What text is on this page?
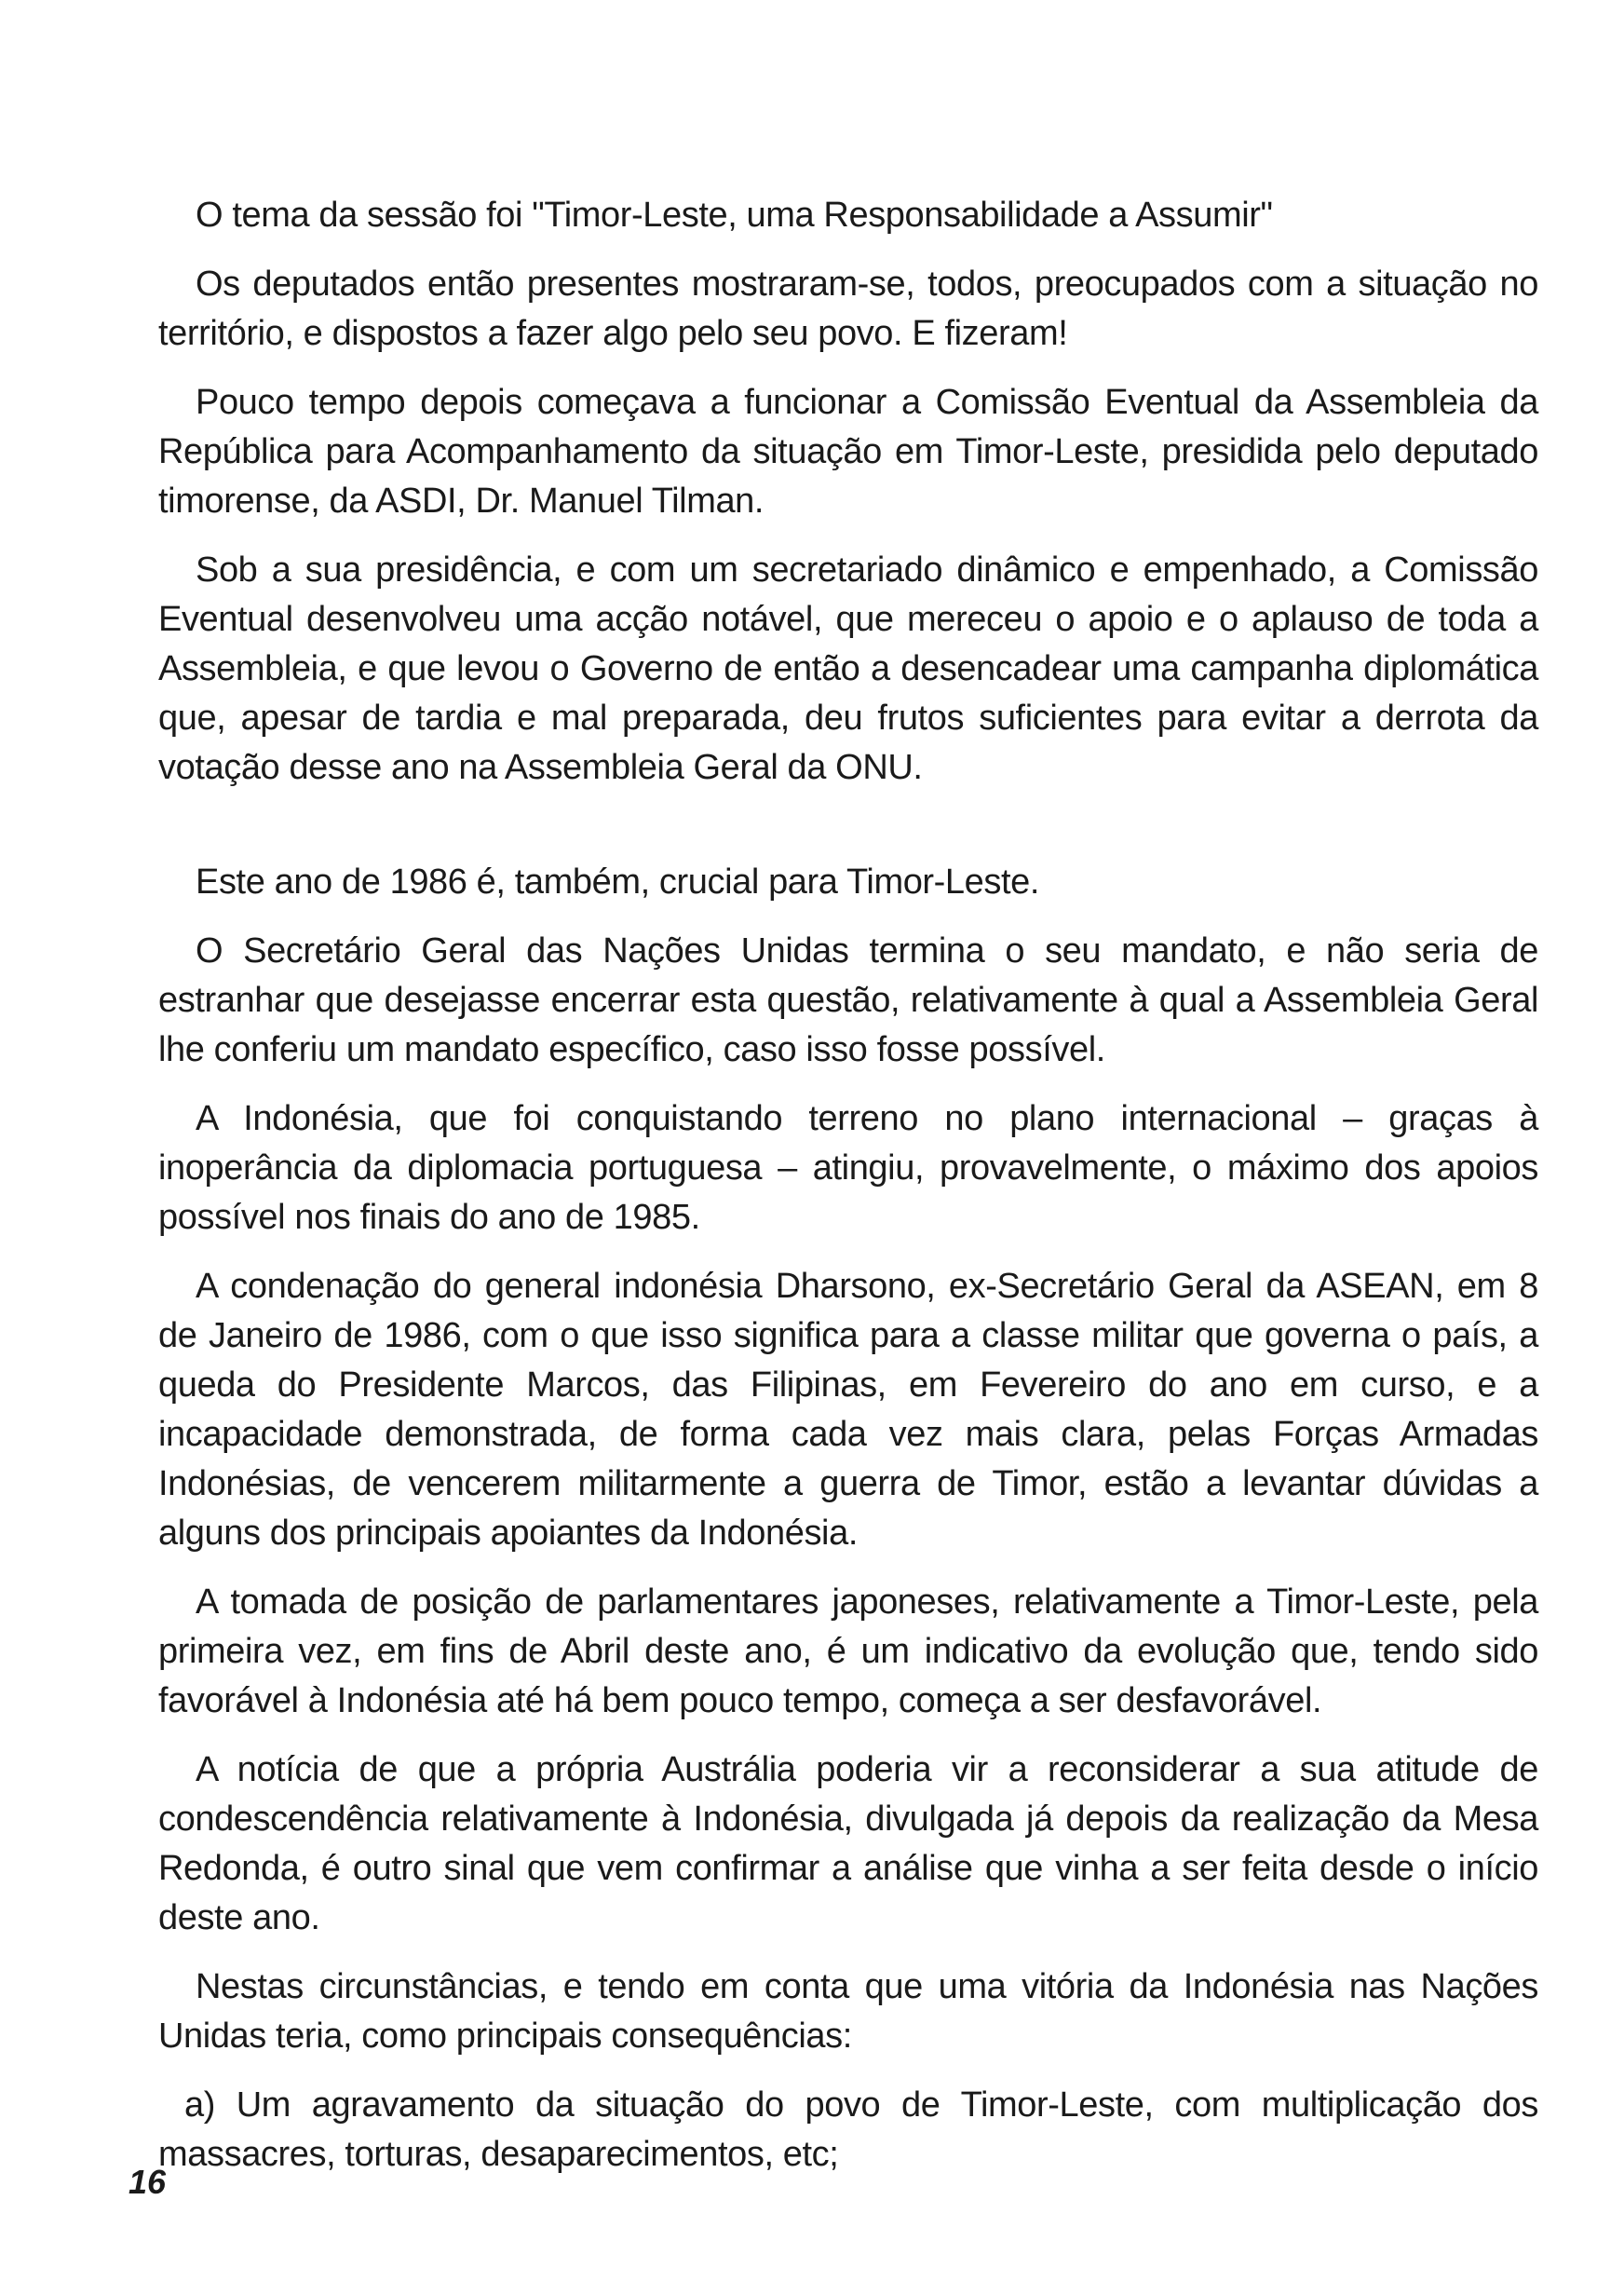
O tema da sessão foi "Timor-Leste, uma Responsabilidade a Assumir"

Os deputados então presentes mostraram-se, todos, preocupados com a situação no território, e dispostos a fazer algo pelo seu povo. E fizeram!

Pouco tempo depois começava a funcionar a Comissão Eventual da Assembleia da República para Acompanhamento da situação em Timor-Leste, presidida pelo deputado timorense, da ASDI, Dr. Manuel Tilman.

Sob a sua presidência, e com um secretariado dinâmico e empenhado, a Comissão Eventual desenvolveu uma acção notável, que mereceu o apoio e o aplauso de toda a Assembleia, e que levou o Governo de então a desencadear uma campanha diplomática que, apesar de tardia e mal preparada, deu frutos suficientes para evitar a derrota da votação desse ano na Assembleia Geral da ONU.

Este ano de 1986 é, também, crucial para Timor-Leste.

O Secretário Geral das Nações Unidas termina o seu mandato, e não seria de estranhar que desejasse encerrar esta questão, relativamente à qual a Assembleia Geral lhe conferiu um mandato específico, caso isso fosse possível.

A Indonésia, que foi conquistando terreno no plano internacional – graças à inoperância da diplomacia portuguesa – atingiu, provavelmente, o máximo dos apoios possível nos finais do ano de 1985.

A condenação do general indonésia Dharsono, ex-Secretário Geral da ASEAN, em 8 de Janeiro de 1986, com o que isso significa para a classe militar que governa o país, a queda do Presidente Marcos, das Filipinas, em Fevereiro do ano em curso, e a incapacidade demonstrada, de forma cada vez mais clara, pelas Forças Armadas Indonésias, de vencerem militarmente a guerra de Timor, estão a levantar dúvidas a alguns dos principais apoiantes da Indonésia.

A tomada de posição de parlamentares japoneses, relativamente a Timor-Leste, pela primeira vez, em fins de Abril deste ano, é um indicativo da evolução que, tendo sido favorável à Indonésia até há bem pouco tempo, começa a ser desfavorável.

A notícia de que a própria Austrália poderia vir a reconsiderar a sua atitude de condescendência relativamente à Indonésia, divulgada já depois da realização da Mesa Redonda, é outro sinal que vem confirmar a análise que vinha a ser feita desde o início deste ano.

Nestas circunstâncias, e tendo em conta que uma vitória da Indonésia nas Nações Unidas teria, como principais consequências:

a) Um agravamento da situação do povo de Timor-Leste, com multiplicação dos massacres, torturas, desaparecimentos, etc;

16
